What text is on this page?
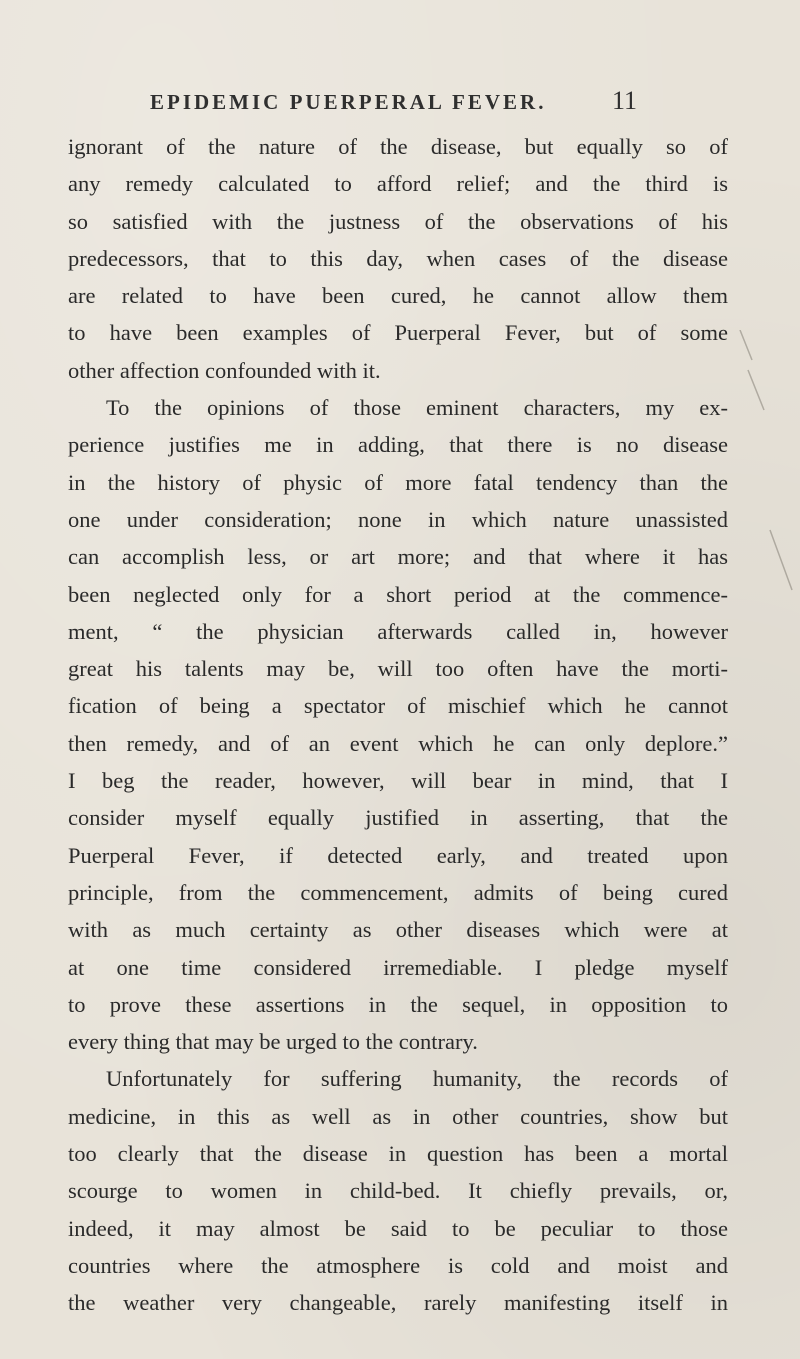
EPIDEMIC PUERPERAL FEVER.	11
ignorant of the nature of the disease, but equally so of
any remedy calculated to afford relief; and the third is
so satisfied with the justness of the observations of his
predecessors, that to this day, when cases of the disease
are related to have been cured, he cannot allow them
to have been examples of Puerperal Fever, but of some
other affection confounded with it.
To the opinions of those eminent characters, my ex-
perience justifies me in adding, that there is no disease
in the history of physic of more fatal tendency than the
one under consideration; none in which nature unassisted
can accomplish less, or art more; and that where it has
been neglected only for a short period at the commence-
ment, “ the physician afterwards called in, however
great his talents may be, will too often have the morti-
fication of being a spectator of mischief which he cannot
then remedy, and of an event which he can only deplore.”
I beg the reader, however, will bear in mind, that I
consider myself equally justified in asserting, that the
Puerperal Fever, if detected early, and treated upon
principle, from the commencement, admits of being cured
with as much certainty as other diseases which were at
at one time considered irremediable. I pledge myself
to prove these assertions in the sequel, in opposition to
every thing that may be urged to the contrary.
Unfortunately for suffering humanity, the records of
medicine, in this as well as in other countries, show but
too clearly that the disease in question has been a mortal
scourge to women in child-bed. It chiefly prevails, or,
indeed, it may almost be said to be peculiar to those
countries where the atmosphere is cold and moist and
the weather very changeable, rarely manifesting itself in
